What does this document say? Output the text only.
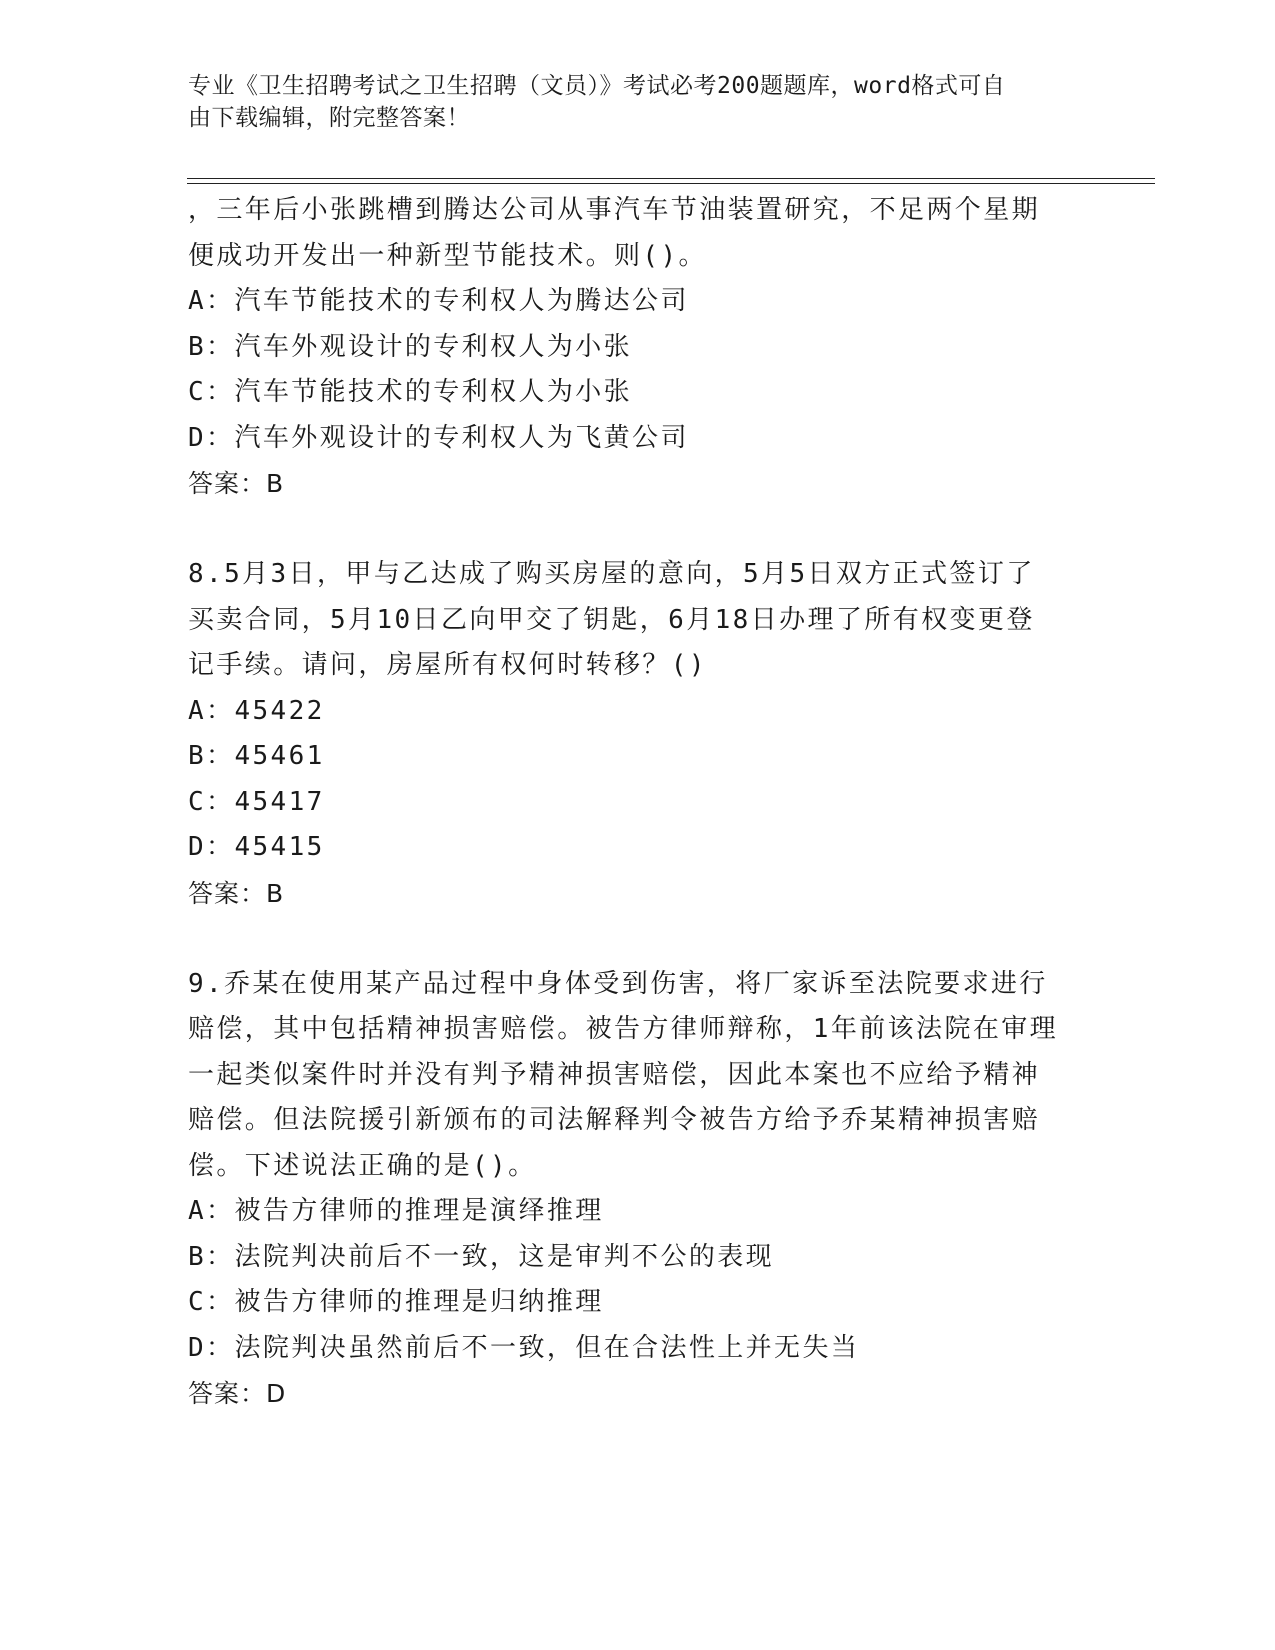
专业《卫生招聘考试之卫生招聘（文员）》考试必考200题题库，word格式可自
由下载编辑，附完整答案！
，三年后小张跳槽到腾达公司从事汽车节油装置研究，不足两个星期
便成功开发出一种新型节能技术。则()。
A：汽车节能技术的专利权人为腾达公司
B：汽车外观设计的专利权人为小张
C：汽车节能技术的专利权人为小张
D：汽车外观设计的专利权人为飞黄公司
答案：B
8.5月3日，甲与乙达成了购买房屋的意向，5月5日双方正式签订了
买卖合同，5月10日乙向甲交了钥匙，6月18日办理了所有权变更登
记手续。请问，房屋所有权何时转移？()
A：45422
B：45461
C：45417
D：45415
答案：B
9.乔某在使用某产品过程中身体受到伤害，将厂家诉至法院要求进行
赔偿，其中包括精神损害赔偿。被告方律师辩称，1年前该法院在审理
一起类似案件时并没有判予精神损害赔偿，因此本案也不应给予精神
赔偿。但法院援引新颁布的司法解释判令被告方给予乔某精神损害赔
偿。下述说法正确的是()。
A：被告方律师的推理是演绎推理
B：法院判决前后不一致，这是审判不公的表现
C：被告方律师的推理是归纳推理
D：法院判决虽然前后不一致，但在合法性上并无失当
答案：D
